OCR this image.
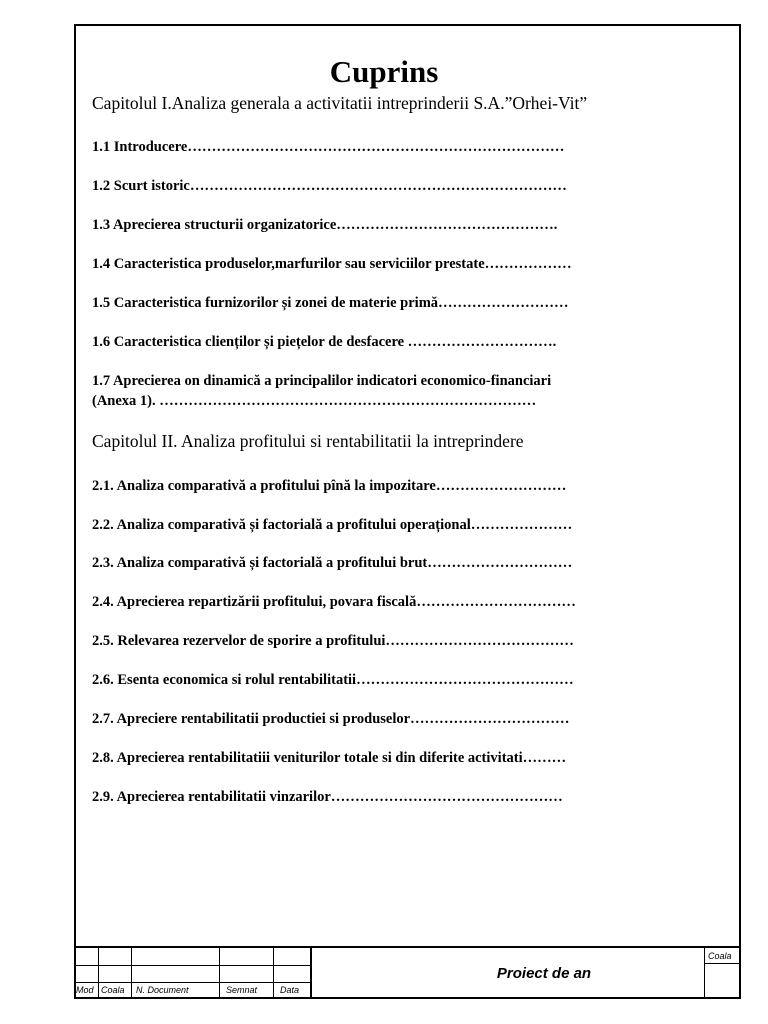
Cuprins
Capitolul I.Analiza generala a activitatii intreprinderii S.A.”Orhei-Vit”
1.1 Introducere……………………………………………………………………
1.2 Scurt istoric……………………………………………………………………
1.3 Aprecierea structurii organizatorice……………………………………….
1.4 Caracteristica produselor,marfurilor sau serviciilor prestate………………
1.5 Caracteristica furnizorilor și zonei de materie primă………………………
1.6 Caracteristica clienților și piețelor de desfacere ………………………….
1.7 Aprecierea on dinamică a principalilor indicatori economico-financiari
(Anexa 1). ……………………………………………………………………
Capitolul II. Analiza profitului si rentabilitatii la intreprindere
2.1. Analiza comparativă a profitului pînă la impozitare………………………
2.2. Analiza comparativă și factorială a profitului operațional…………………
2.3. Analiza comparativă și factorială a profitului brut…………………………
2.4. Aprecierea repartizării profitului, povara fiscală……………………………
2.5. Relevarea rezervelor de sporire a profitului…………………………………
2.6. Esenta economica si rolul rentabilitatii………………………………………
2.7. Apreciere rentabilitatii productiei si produselor……………………………
2.8. Aprecierea rentabilitatiii veniturilor totale si din diferite activitati………
2.9. Aprecierea rentabilitatii vinzarilor…………………………………………
Mod Coala N. Document	Semnat	Data
Proiect de an
Coala
